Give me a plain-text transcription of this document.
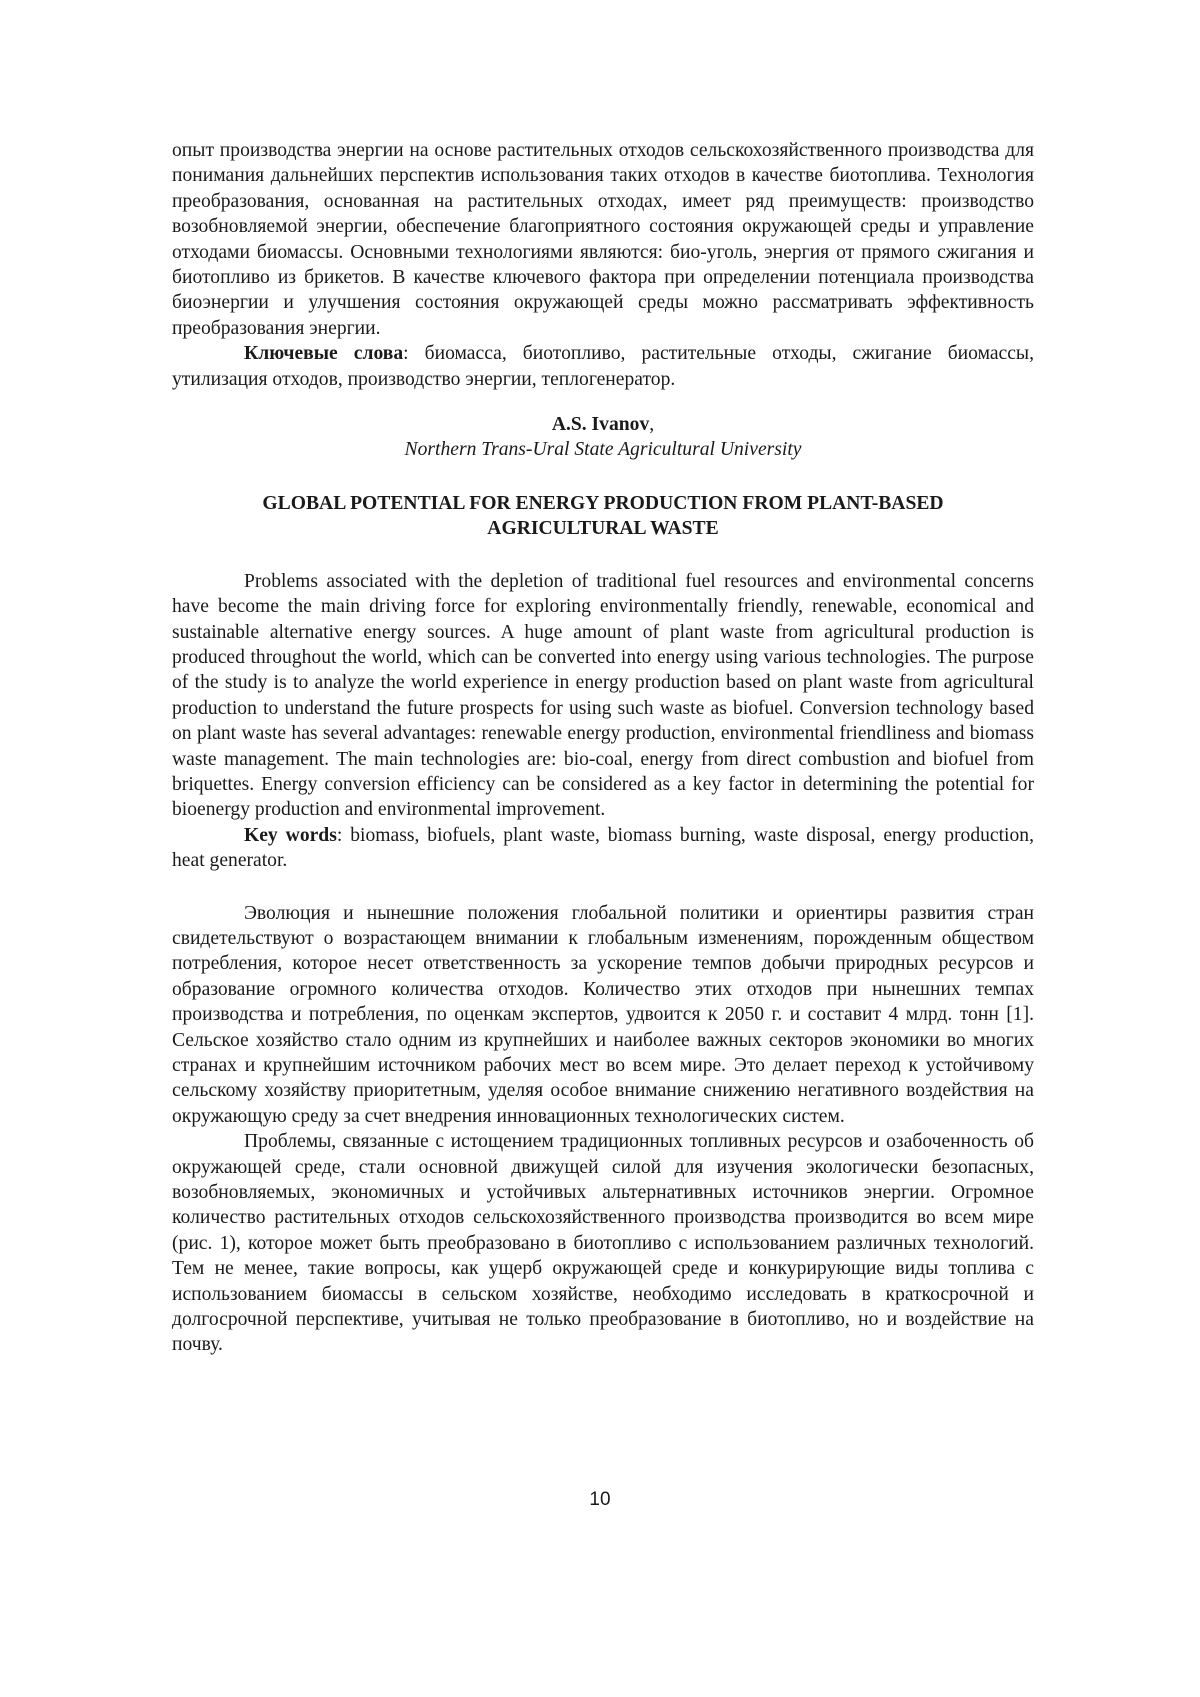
опыт производства энергии на основе растительных отходов сельскохозяйственного производства для понимания дальнейших перспектив использования таких отходов в качестве биотоплива. Технология преобразования, основанная на растительных отходах, имеет ряд преимуществ: производство возобновляемой энергии, обеспечение благоприятного состояния окружающей среды и управление отходами биомассы. Основными технологиями являются: био-уголь, энергия от прямого сжигания и биотопливо из брикетов. В качестве ключевого фактора при определении потенциала производства биоэнергии и улучшения состояния окружающей среды можно рассматривать эффективность преобразования энергии.

Ключевые слова: биомасса, биотопливо, растительные отходы, сжигание биомассы, утилизация отходов, производство энергии, теплогенератор.

A.S. Ivanov,
Northern Trans-Ural State Agricultural University
GLOBAL POTENTIAL FOR ENERGY PRODUCTION FROM PLANT-BASED AGRICULTURAL WASTE

Problems associated with the depletion of traditional fuel resources and environmental concerns have become the main driving force for exploring environmentally friendly, renewable, economical and sustainable alternative energy sources. A huge amount of plant waste from agricultural production is produced throughout the world, which can be converted into energy using various technologies. The purpose of the study is to analyze the world experience in energy production based on plant waste from agricultural production to understand the future prospects for using such waste as biofuel. Conversion technology based on plant waste has several advantages: renewable energy production, environmental friendliness and biomass waste management. The main technologies are: bio-coal, energy from direct combustion and biofuel from briquettes. Energy conversion efficiency can be considered as a key factor in determining the potential for bioenergy production and environmental improvement.

Key words: biomass, biofuels, plant waste, biomass burning, waste disposal, energy production, heat generator.

Эволюция и нынешние положения глобальной политики и ориентиры развития стран свидетельствуют о возрастающем внимании к глобальным изменениям, порожденным обществом потребления, которое несет ответственность за ускорение темпов добычи природных ресурсов и образование огромного количества отходов. Количество этих отходов при нынешних темпах производства и потребления, по оценкам экспертов, удвоится к 2050 г. и составит 4 млрд. тонн [1]. Сельское хозяйство стало одним из крупнейших и наиболее важных секторов экономики во многих странах и крупнейшим источником рабочих мест во всем мире. Это делает переход к устойчивому сельскому хозяйству приоритетным, уделяя особое внимание снижению негативного воздействия на окружающую среду за счет внедрения инновационных технологических систем.

Проблемы, связанные с истощением традиционных топливных ресурсов и озабоченность об окружающей среде, стали основной движущей силой для изучения экологически безопасных, возобновляемых, экономичных и устойчивых альтернативных источников энергии. Огромное количество растительных отходов сельскохозяйственного производства производится во всем мире (рис. 1), которое может быть преобразовано в биотопливо с использованием различных технологий. Тем не менее, такие вопросы, как ущерб окружающей среде и конкурирующие виды топлива с использованием биомассы в сельском хозяйстве, необходимо исследовать в краткосрочной и долгосрочной перспективе, учитывая не только преобразование в биотопливо, но и воздействие на почву.

10
